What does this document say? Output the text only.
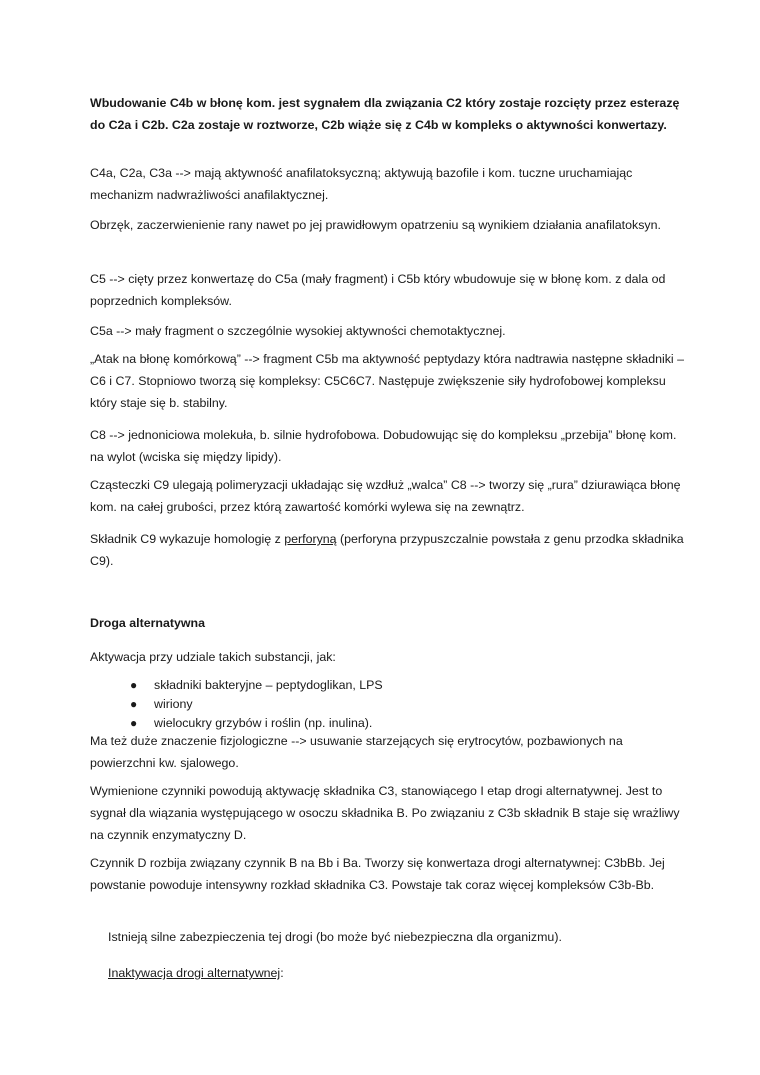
Wbudowanie C4b w błonę kom. jest sygnałem dla związania C2 który zostaje rozcięty przez esterazę do C2a i C2b. C2a zostaje w roztworze, C2b wiąże się z C4b w kompleks o aktywności konwertazy.

C4a, C2a, C3a --> mają aktywność anafilatoksyczną; aktywują bazofile i kom. tuczne uruchamiając mechanizm nadwrażliwości anafilaktycznej.

Obrzęk, zaczerwienienie rany nawet po jej prawidłowym opatrzeniu są wynikiem działania anafilatoksyn.

C5 --> cięty przez konwertazę do C5a (mały fragment) i C5b który wbudowuje się w błonę kom. z dala od poprzednich kompleksów.

C5a --> mały fragment o szczególnie wysokiej aktywności chemotaktycznej.

„Atak na błonę komórkową” --> fragment C5b ma aktywność peptydazy która nadtrawia następne składniki – C6 i C7. Stopniowo tworzą się kompleksy: C5C6C7. Następuje zwiększenie siły hydrofobowej kompleksu który staje się b. stabilny.

C8 --> jednoniciowa molekuła, b. silnie hydrofobowa. Dobudowując się do kompleksu „przebija” błonę kom. na wylot (wciska się między lipidy).

Cząsteczki C9 ulegają polimeryzacji układając się wzdłuż „walca” C8 --> tworzy się „rura” dziurawiąca błonę kom. na całej grubości, przez którą zawartość komórki wylewa się na zewnątrz.

Składnik C9 wykazuje homologię z perforyną (perforyna przypuszczalnie powstała z genu przodka składnika C9).

Droga alternatywna

Aktywacja przy udziale takich substancji, jak:

● składniki bakteryjne – peptydoglikan, LPS
● wiriony
● wielocukry grzybów i roślin (np. inulina).

Ma też duże znaczenie fizjologiczne --> usuwanie starzejących się erytrocytów, pozbawionych na powierzchni kw. sjalowego.

Wymienione czynniki powodują aktywację składnika C3, stanowiącego I etap drogi alternatywnej. Jest to sygnał dla wiązania występującego w osoczu składnika B. Po związaniu z C3b składnik B staje się wrażliwy na czynnik enzymatyczny D.

Czynnik D rozbija związany czynnik B na Bb i Ba. Tworzy się konwertaza drogi alternatywnej: C3bBb. Jej powstanie powoduje intensywny rozkład składnika C3. Powstaje tak coraz więcej kompleksów C3b-Bb.

Istnieją silne zabezpieczenia tej drogi (bo może być niebezpieczna dla organizmu).

Inaktywacja drogi alternatywnej:
